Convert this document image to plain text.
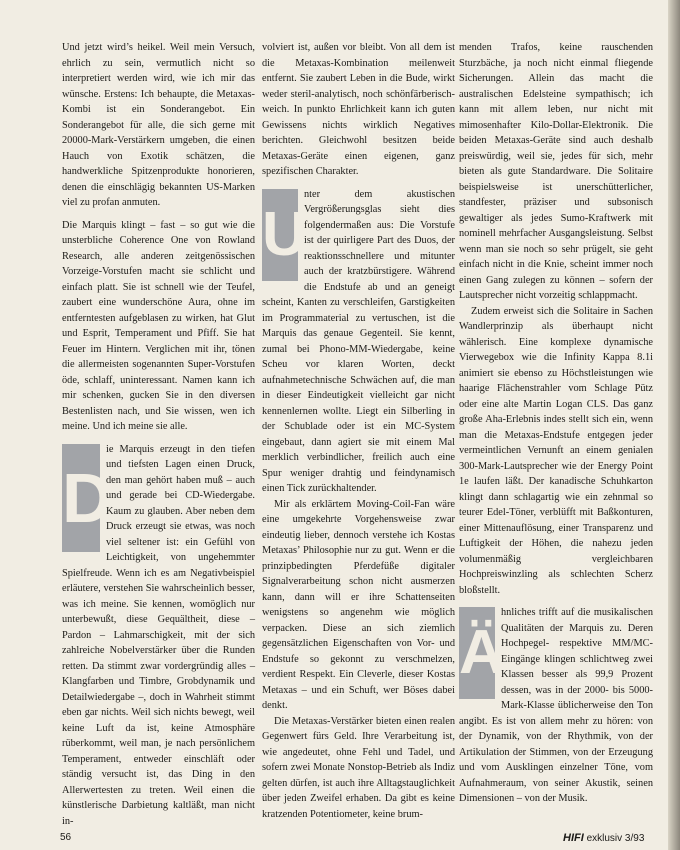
Und jetzt wird’s heikel. Weil mein Versuch, ehrlich zu sein, vermutlich nicht so interpretiert werden wird, wie ich mir das wünsche. Erstens: Ich behaupte, die Metaxas-Kombi ist ein Sonderangebot. Ein Sonderangebot für alle, die sich gerne mit 20000-Mark-Verstärkern umgeben, die einen Hauch von Exotik schätzen, die handwerkliche Spitzenprodukte honorieren, denen die einschlägig bekannten US-Marken viel zu profan anmuten.

Die Marquis klingt – fast – so gut wie die unsterbliche Coherence One von Rowland Research, alle anderen zeitgenössischen Vorzeige-Vorstufen macht sie schlicht und einfach platt. Sie ist schnell wie der Teufel, zaubert eine wunderschöne Aura, ohne im entferntesten aufgeblasen zu wirken, hat Glut und Esprit, Temperament und Pfiff. Sie hat Feuer im Hintern. Verglichen mit ihr, tönen die allermeisten sogenannten Super-Vorstufen öde, schlaff, uninteressant. Namen kann ich mir schenken, gucken Sie in den diversen Bestenlisten nach, und Sie wissen, wen ich meine. Und ich meine sie alle.

D
ie Marquis erzeugt in den tiefen und tiefsten Lagen einen Druck, den man gehört haben muß – auch und gerade bei CD-Wiedergabe. Kaum zu glauben. Aber neben dem Druck erzeugt sie etwas, was noch viel seltener ist: ein Gefühl von Leichtigkeit, von ungehemmter Spielfreude. Wenn ich es am Negativbeispiel erläutere, verstehen Sie wahrscheinlich besser, was ich meine. Sie kennen, womöglich nur unterbewußt, diese Gequältheit, diese – Pardon – Lahmarschigkeit, mit der sich zahlreiche Nobelverstärker über die Runden retten. Da stimmt zwar vordergründig alles – Klangfarben und Timbre, Grobdynamik und Detailwiedergabe –, doch in Wahrheit stimmt eben gar nichts. Weil sich nichts bewegt, weil keine Luft da ist, keine Atmosphäre rüberkommt, weil man, je nach persönlichem Temperament, entweder einschläft oder ständig versucht ist, das Ding in den Allerwertesten zu treten. Weil einen die künstlerische Darbietung kaltläßt, man nicht in-

volviert ist, außen vor bleibt. Von all dem ist die Metaxas-Kombination meilenweit entfernt. Sie zaubert Leben in die Bude, wirkt weder steril-analytisch, noch schönfärberisch-weich. In punkto Ehrlichkeit kann ich guten Gewissens nichts wirklich Negatives berichten. Gleichwohl besitzen beide Metaxas-Geräte einen eigenen, ganz spezifischen Charakter.

U
nter dem akustischen Vergrößerungsglas sieht dies folgendermaßen aus: Die Vorstufe ist der quirligere Part des Duos, der reaktionsschnellere und mitunter auch der kratzbürstigere. Während die Endstufe ab und an geneigt scheint, Kanten zu verschleifen, Garstigkeiten im Programmaterial zu vertuschen, ist die Marquis das genaue Gegenteil. Sie kennt, zumal bei Phono-MM-Wiedergabe, keine Scheu vor klaren Worten, deckt aufnahmetechnische Schwächen auf, die man in dieser Eindeutigkeit vielleicht gar nicht kennenlernen wollte. Liegt ein Silberling in der Schublade oder ist ein MC-System eingebaut, dann agiert sie mit einem Mal merklich verbindlicher, freilich auch eine Spur weniger drahtig und feindynamisch einen Tick zurückhaltender.

Mir als erklärtem Moving-Coil-Fan wäre eine umgekehrte Vorgehensweise zwar eindeutig lieber, dennoch verstehe ich Kostas Metaxas’ Philosophie nur zu gut. Wenn er die prinzipbedingten Pferdefüße digitaler Signalverarbeitung schon nicht ausmerzen kann, dann will er ihre Schattenseiten wenigstens so angenehm wie möglich verpacken. Diese an sich ziemlich gegensätzlichen Eigenschaften von Vor- und Endstufe so gekonnt zu verschmelzen, verdient Respekt. Ein Cleverle, dieser Kostas Metaxas – und ein Schuft, wer Böses dabei denkt.

Die Metaxas-Verstärker bieten einen realen Gegenwert fürs Geld. Ihre Verarbeitung ist, wie angedeutet, ohne Fehl und Tadel, und sofern zwei Monate Nonstop-Betrieb als Indiz gelten dürfen, ist auch ihre Alltagstauglichkeit über jeden Zweifel erhaben. Da gibt es keine kratzenden Potentiometer, keine brum-

menden Trafos, keine rauschenden Sturzbäche, ja noch nicht einmal fliegende Sicherungen. Allein das macht die australischen Edelsteine sympathisch; ich kann mit allem leben, nur nicht mit mimosenhafter Kilo-Dollar-Elektronik. Die beiden Metaxas-Geräte sind auch deshalb preiswürdig, weil sie, jedes für sich, mehr bieten als gute Standardware. Die Solitaire beispielsweise ist unerschütterlicher, standfester, präziser und subsonisch gewaltiger als jedes Sumo-Kraftwerk mit nominell mehrfacher Ausgangsleistung. Selbst wenn man sie noch so sehr prügelt, sie geht einfach nicht in die Knie, scheint immer noch einen Gang zulegen zu können – sofern der Lautsprecher nicht vorzeitig schlappmacht.

Zudem erweist sich die Solitaire in Sachen Wandlerprinzip als überhaupt nicht wählerisch. Eine komplexe dynamische Vierwegebox wie die Infinity Kappa 8.1i animiert sie ebenso zu Höchstleistungen wie haarige Flächenstrahler vom Schlage Pütz oder eine alte Martin Logan CLS. Das ganz große Aha-Erlebnis indes stellt sich ein, wenn man die Metaxas-Endstufe entgegen jeder vermeintlichen Vernunft an einem genialen 300-Mark-Lautsprecher wie der Energy Point 1e laufen läßt. Der kanadische Schuhkarton klingt dann schlagartig wie ein zehnmal so teurer Edel-Töner, verblüfft mit Baßkonturen, einer Mittenauflösung, einer Transparenz und Luftigkeit der Höhen, die nahezu jeden volumenmäßig vergleichbaren Hochpreiswinzling als schlechten Scherz bloßstellt.

Ä
hnliches trifft auf die musikalischen Qualitäten der Marquis zu. Deren Hochpegel- respektive MM/MC-Eingänge klingen schlichtweg zwei Klassen besser als 99,9 Prozent dessen, was in der 2000- bis 5000-Mark-Klasse üblicherweise den Ton angibt. Es ist von allem mehr zu hören: von der Dynamik, von der Rhythmik, von der Artikulation der Stimmen, von der Erzeugung und vom Ausklingen einzelner Töne, vom Aufnahmeraum, von seiner Akustik, seinen Dimensionen – von der Musik.

56	HIFI exklusiv 3/93
